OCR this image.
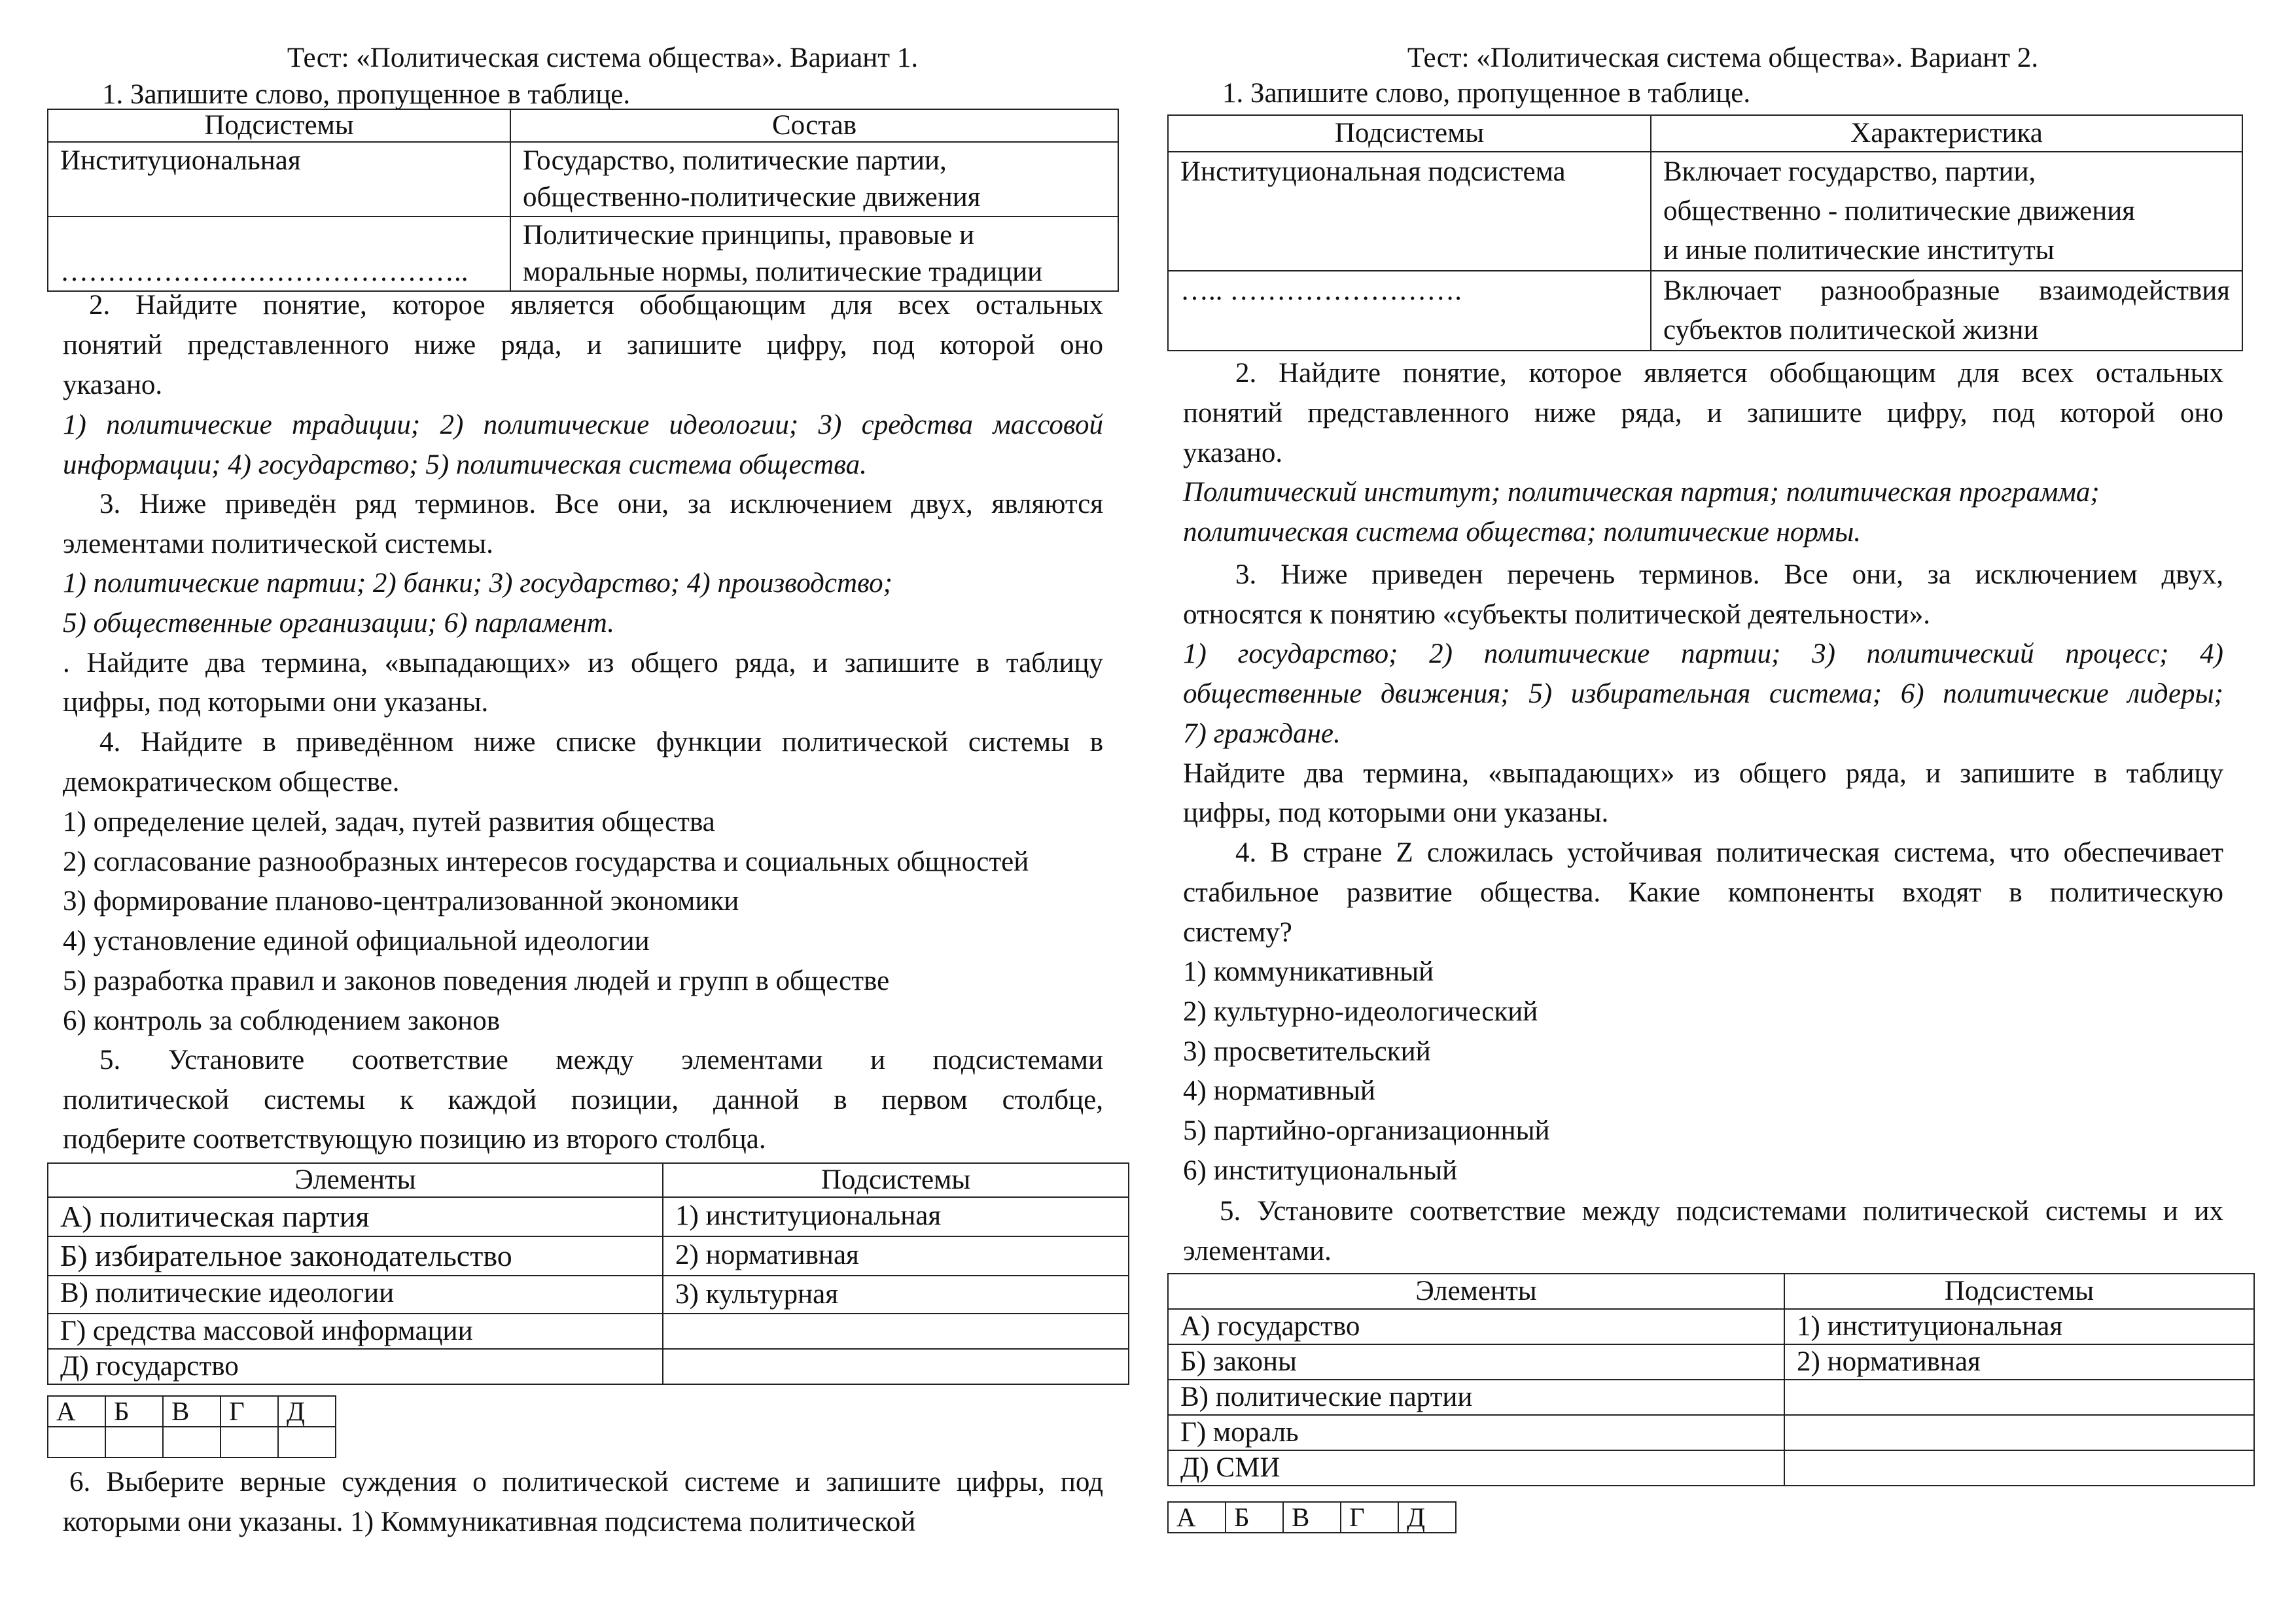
Тест: «Политическая система общества». Вариант 1.
1. Запишите слово, пропущенное в таблице.
Подсистемы	Состав
Институциональная	Государство, политические партии,
общественно-политические движения

……………………………………..	Политические принципы, правовые и
моральные нормы, политические традиции
2. Найдите понятие, которое является обобщающим для всех остальных
понятий представленного ниже ряда, и запишите цифру, под которой оно
указано.
1) политические традиции; 2) политические идеологии; 3) средства массовой
информации; 4) государство; 5) политическая система общества.
3. Ниже приведён ряд терминов. Все они, за исключением двух, являются
элементами политической системы.
1) политические партии; 2) банки; 3) государство; 4) производство;
5) общественные организации; 6) парламент.
. Найдите два термина, «выпадающих» из общего ряда, и запишите в таблицу
цифры, под которыми они указаны.
4. Найдите в приведённом ниже списке функции политической системы в
демократическом обществе.
1) определение целей, задач, путей развития общества
2) согласование разнообразных интересов государства и социальных общностей
3) формирование планово-централизованной экономики
4) установление единой официальной идеологии
5) разработка правил и законов поведения людей и групп в обществе
6) контроль за соблюдением законов
5. Установите соответствие между элементами и подсистемами
политической системы к каждой позиции, данной в первом столбце,
подберите соответствующую позицию из второго столбца.
Элементы	Подсистемы
А) политическая партия	1) институциональная
Б) избирательное законодательство	2) нормативная
В) политические идеологии	3) культурная
Г) средства массовой информации	
Д) государство	
А	Б	В	Г	Д

6. Выберите верные суждения о политической системе и запишите цифры, под
которыми они указаны. 1) Коммуникативная подсистема политической
Тест: «Политическая система общества». Вариант 2.
1. Запишите слово, пропущенное в таблице.
Подсистемы	Характеристика
Институциональная подсистема	Включает государство, партии,
общественно - политические движения
и иные политические институты

….. …………………….	Включает разнообразные взаимодействия
субъектов политической жизни
2. Найдите понятие, которое является обобщающим для всех остальных
понятий представленного ниже ряда, и запишите цифру, под которой оно
указано.
Политический институт; политическая партия; политическая программа;
политическая система общества; политические нормы.
3. Ниже приведен перечень терминов. Все они, за исключением двух,
относятся к понятию «субъекты политической деятельности».
1) государство; 2) политические партии; 3) политический процесс; 4)
общественные движения; 5) избирательная система; 6) политические лидеры;
7) граждане.
Найдите два термина, «выпадающих» из общего ряда, и запишите в таблицу
цифры, под которыми они указаны.
4. В стране Z сложилась устойчивая политическая система, что обеспечивает
стабильное развитие общества. Какие компоненты входят в политическую
систему?
1) коммуникативный
2) культурно-идеологический
3) просветительский
4) нормативный
5) партийно-организационный
6) институциональный
5. Установите соответствие между подсистемами политической системы и их
элементами.
Элементы	Подсистемы
А) государство	1) институциональная
Б) законы	2) нормативная
В) политические партии	
Г) мораль	
Д) СМИ	
А	Б	В	Г	Д
